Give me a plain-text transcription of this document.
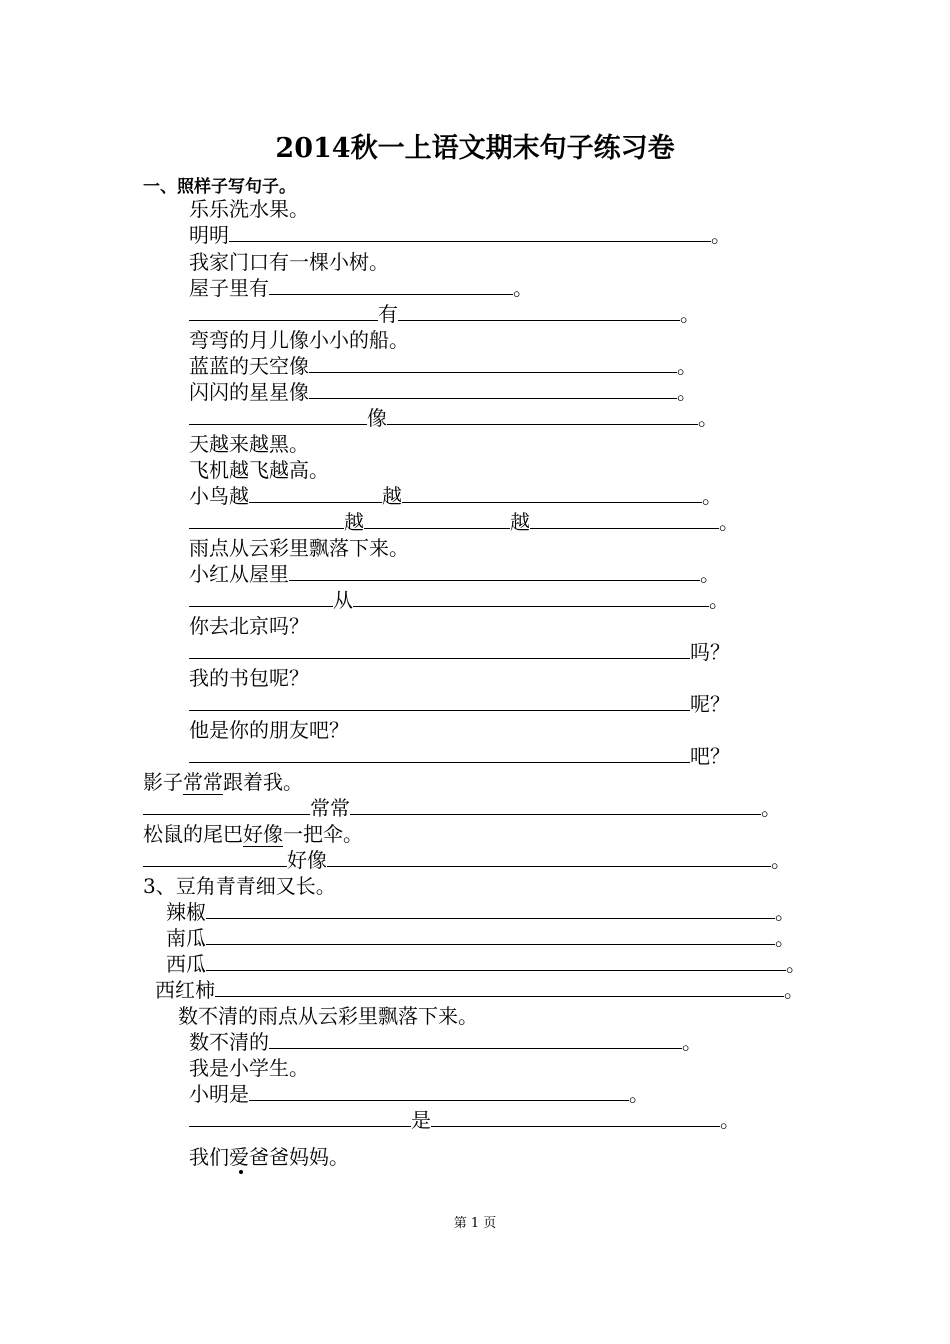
2014秋一上语文期末句子练习卷
一、照样子写句子。
乐乐洗水果。
明明	。
我家门口有一棵小树。
屋子里有	。
有	。
弯弯的月儿像小小的船。
蓝蓝的天空像	。
闪闪的星星像	。
像	。
天越来越黑。
飞机越飞越高。
小鸟越	越	。
越	越	。
雨点从云彩里飘落下来。
小红从屋里	。
从	。
你去北京吗？
吗？
我的书包呢？
呢？
他是你的朋友吧？
吧？
影子常常跟着我。
常常	。
松鼠的尾巴好像一把伞。
好像	。
3、豆角青青细又长。
辣椒	。
南瓜	。
西瓜	。
西红柿	。
数不清的雨点从云彩里飘落下来。
数不清的	。
我是小学生。
小明是	。
是	。
我们爱爸爸妈妈。
第 1 页
